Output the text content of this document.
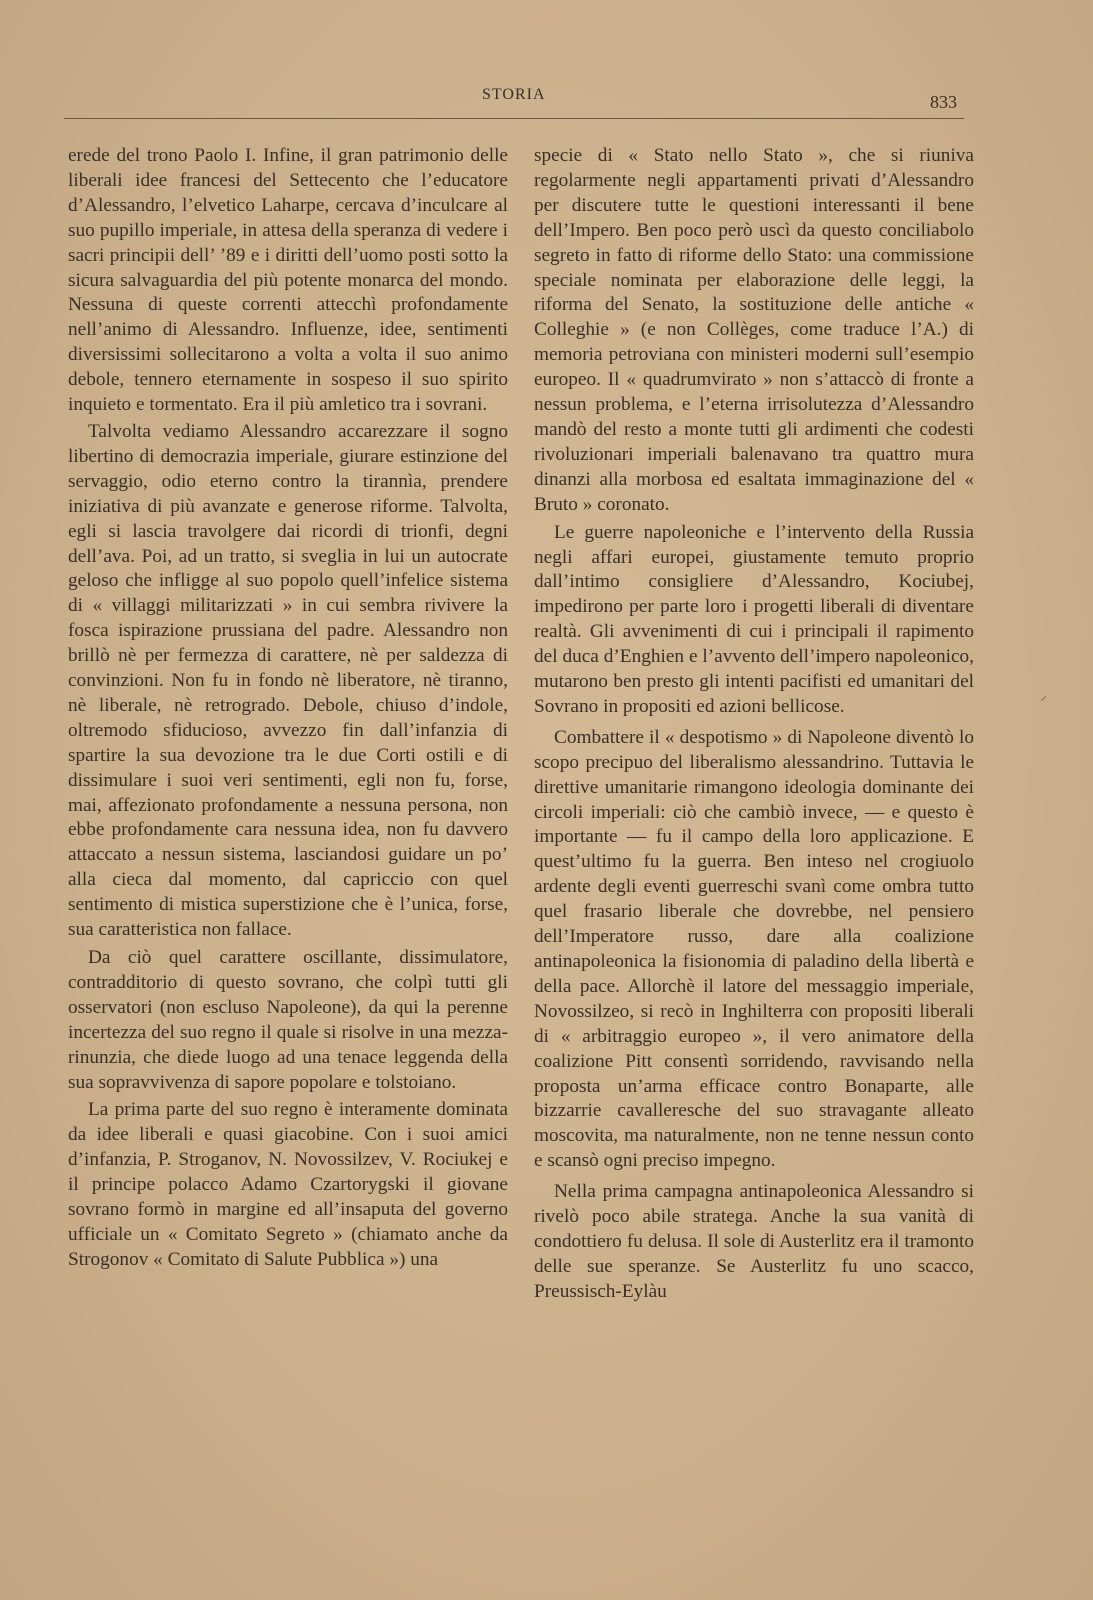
STORIA	833

erede del trono Paolo I. Infine, il gran patrimonio delle liberali idee francesi del Settecento che l’educatore d’Alessandro, l’elvetico Laharpe, cercava d’inculcare al suo pupillo imperiale, in attesa della speranza di vedere i sacri principii dell’ ’89 e i diritti dell’uomo posti sotto la sicura salvaguardia del più potente monarca del mondo. Nessuna di queste correnti attecchì profondamente nell’animo di Alessandro. Influenze, idee, sentimenti diversissimi sollecitarono a volta a volta il suo animo debole, tennero eternamente in sospeso il suo spirito inquieto e tormentato. Era il più amletico tra i sovrani.

Talvolta vediamo Alessandro accarezzare il sogno libertino di democrazia imperiale, giurare estinzione del servaggio, odio eterno contro la tirannìa, prendere iniziativa di più avanzate e generose riforme. Talvolta, egli si lascia travolgere dai ricordi di trionfi, degni dell’ava. Poi, ad un tratto, si sveglia in lui un autocrate geloso che infligge al suo popolo quell’infelice sistema di « villaggi militarizzati » in cui sembra rivivere la fosca ispirazione prussiana del padre. Alessandro non brillò nè per fermezza di carattere, nè per saldezza di convinzioni. Non fu in fondo nè liberatore, nè tiranno, nè liberale, nè retrogrado. Debole, chiuso d’indole, oltremodo sfiducioso, avvezzo fin dall’infanzia di spartire la sua devozione tra le due Corti ostili e di dissimulare i suoi veri sentimenti, egli non fu, forse, mai, affezionato profondamente a nessuna persona, non ebbe profondamente cara nessuna idea, non fu davvero attaccato a nessun sistema, lasciandosi guidare un po’ alla cieca dal momento, dal capriccio con quel sentimento di mistica superstizione che è l’unica, forse, sua caratteristica non fallace.

Da ciò quel carattere oscillante, dissimulatore, contradditorio di questo sovrano, che colpì tutti gli osservatori (non escluso Napoleone), da qui la perenne incertezza del suo regno il quale si risolve in una mezza-rinunzia, che diede luogo ad una tenace leggenda della sua sopravvivenza di sapore popolare e tolstoiano.

La prima parte del suo regno è interamente dominata da idee liberali e quasi giacobine. Con i suoi amici d’infanzia, P. Stroganov, N. Novossilzev, V. Rociukej e il principe polacco Adamo Czartorygski il giovane sovrano formò in margine ed all’insaputa del governo ufficiale un « Comitato Segreto » (chiamato anche da Strogonov « Comitato di Salute Pubblica ») una

specie di « Stato nello Stato », che si riuniva regolarmente negli appartamenti privati d’Alessandro per discutere tutte le questioni interessanti il bene dell’Impero. Ben poco però uscì da questo conciliabolo segreto in fatto di riforme dello Stato: una commissione speciale nominata per elaborazione delle leggi, la riforma del Senato, la sostituzione delle antiche « Colleghie » (e non Collèges, come traduce l’A.) di memoria petroviana con ministeri moderni sull’esempio europeo. Il « quadrumvirato » non s’attaccò di fronte a nessun problema, e l’eterna irrisolutezza d’Alessandro mandò del resto a monte tutti gli ardimenti che codesti rivoluzionari imperiali balenavano tra quattro mura dinanzi alla morbosa ed esaltata immaginazione del « Bruto » coronato.

Le guerre napoleoniche e l’intervento della Russia negli affari europei, giustamente temuto proprio dall’intimo consigliere d’Alessandro, Kociubej, impedirono per parte loro i progetti liberali di diventare realtà. Gli avvenimenti di cui i principali il rapimento del duca d’Enghien e l’avvento dell’impero napoleonico, mutarono ben presto gli intenti pacifisti ed umanitari del Sovrano in propositi ed azioni bellicose.

Combattere il « despotismo » di Napoleone diventò lo scopo precipuo del liberalismo alessandrino. Tuttavia le direttive umanitarie rimangono ideologia dominante dei circoli imperiali: ciò che cambiò invece, — e questo è importante — fu il campo della loro applicazione. E quest’ultimo fu la guerra. Ben inteso nel crogiuolo ardente degli eventi guerreschi svanì come ombra tutto quel frasario liberale che dovrebbe, nel pensiero dell’Imperatore russo, dare alla coalizione antinapoleonica la fisionomia di paladino della libertà e della pace. Allorchè il latore del messaggio imperiale, Novossilzeo, si recò in Inghilterra con propositi liberali di « arbitraggio europeo », il vero animatore della coalizione Pitt consentì sorridendo, ravvisando nella proposta un’arma efficace contro Bonaparte, alle bizzarrie cavalleresche del suo stravagante alleato moscovita, ma naturalmente, non ne tenne nessun conto e scansò ogni preciso impegno.

Nella prima campagna antinapoleonica Alessandro si rivelò poco abile stratega. Anche la sua vanità di condottiero fu delusa. Il sole di Austerlitz era il tramonto delle sue speranze. Se Austerlitz fu uno scacco, Preussisch-Eylàu

⸝
